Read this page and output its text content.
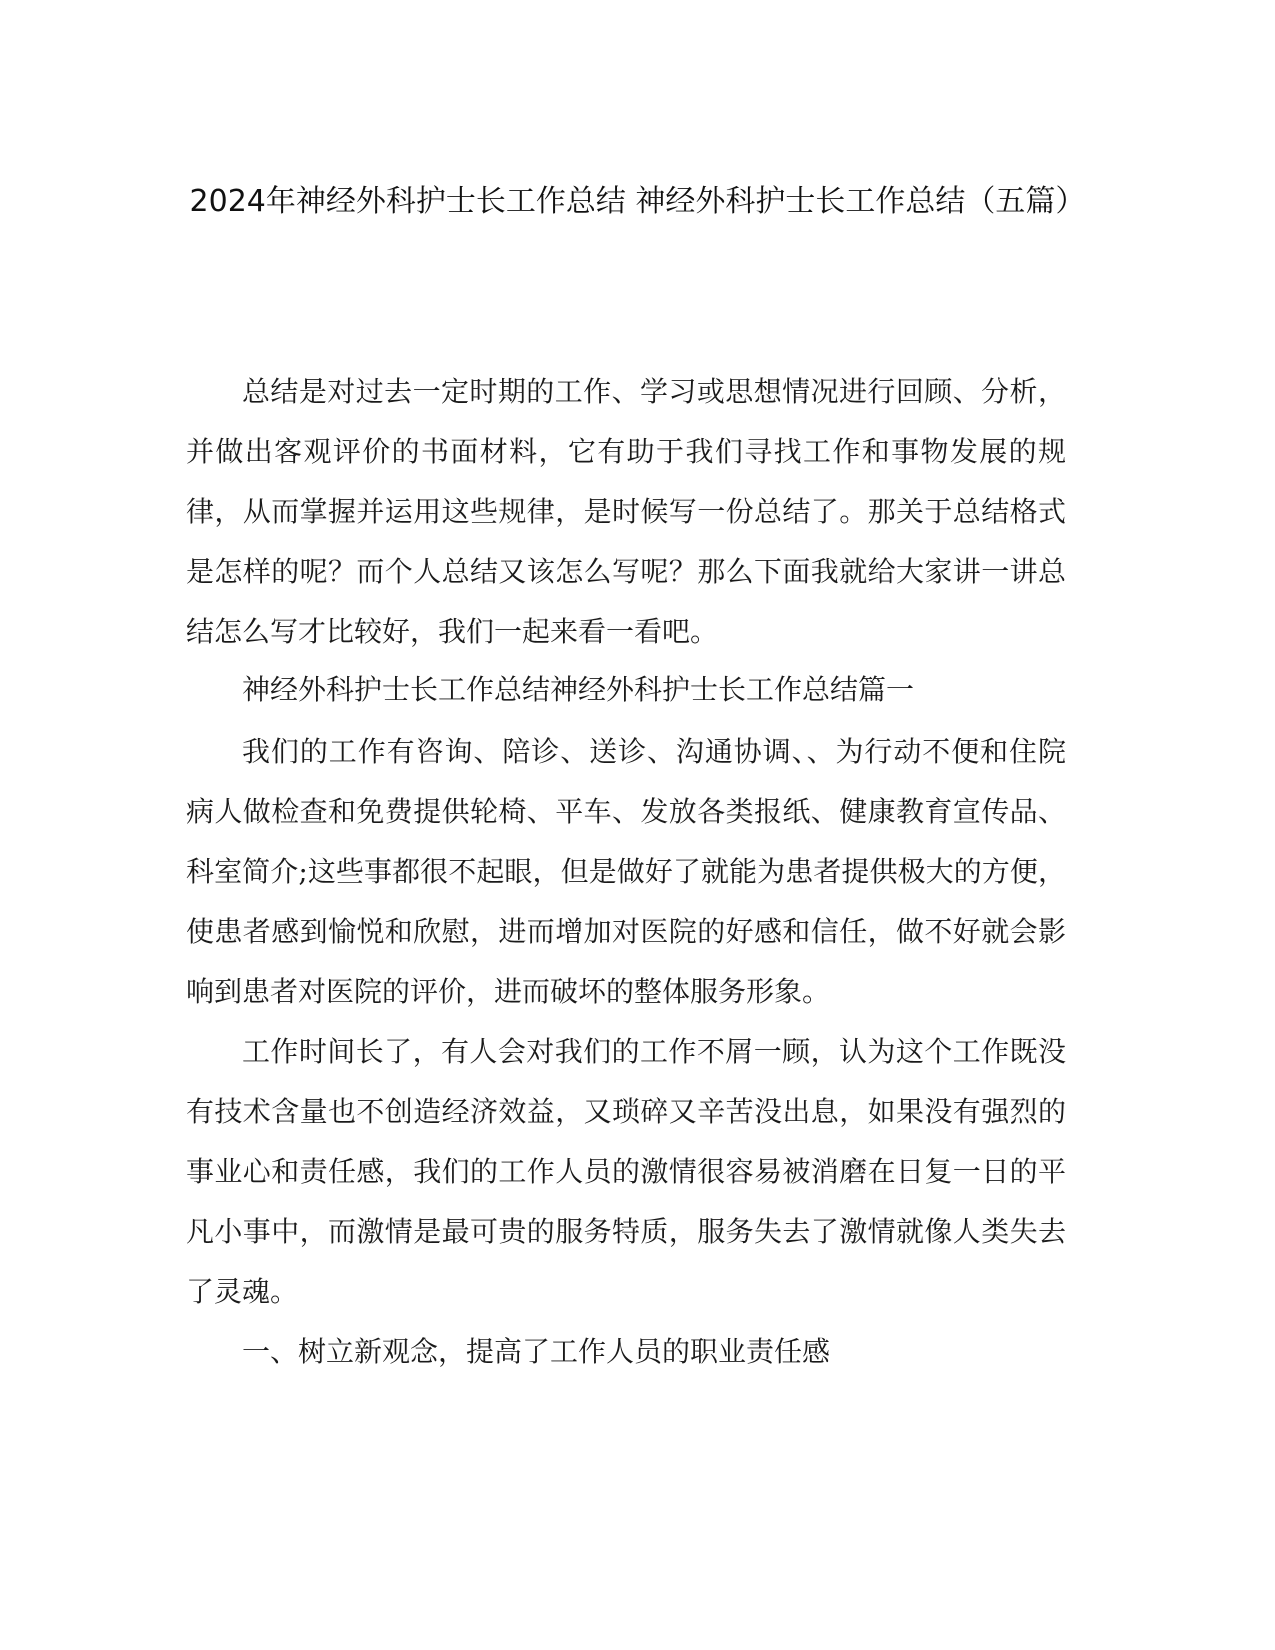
2024年神经外科护士长工作总结 神经外科护士长工作总结（五篇）

总结是对过去一定时期的工作、学习或思想情况进行回顾、分析，并做出客观评价的书面材料，它有助于我们寻找工作和事物发展的规律，从而掌握并运用这些规律，是时候写一份总结了。那关于总结格式是怎样的呢？而个人总结又该怎么写呢？那么下面我就给大家讲一讲总结怎么写才比较好，我们一起来看一看吧。

神经外科护士长工作总结神经外科护士长工作总结篇一

我们的工作有咨询、陪诊、送诊、沟通协调、、为行动不便和住院病人做检查和免费提供轮椅、平车、发放各类报纸、健康教育宣传品、科室简介;这些事都很不起眼，但是做好了就能为患者提供极大的方便，使患者感到愉悦和欣慰，进而增加对医院的好感和信任，做不好就会影响到患者对医院的评价，进而破坏的整体服务形象。

工作时间长了，有人会对我们的工作不屑一顾，认为这个工作既没有技术含量也不创造经济效益，又琐碎又辛苦没出息，如果没有强烈的事业心和责任感，我们的工作人员的激情很容易被消磨在日复一日的平凡小事中，而激情是最可贵的服务特质，服务失去了激情就像人类失去了灵魂。

一、树立新观念，提高了工作人员的职业责任感
